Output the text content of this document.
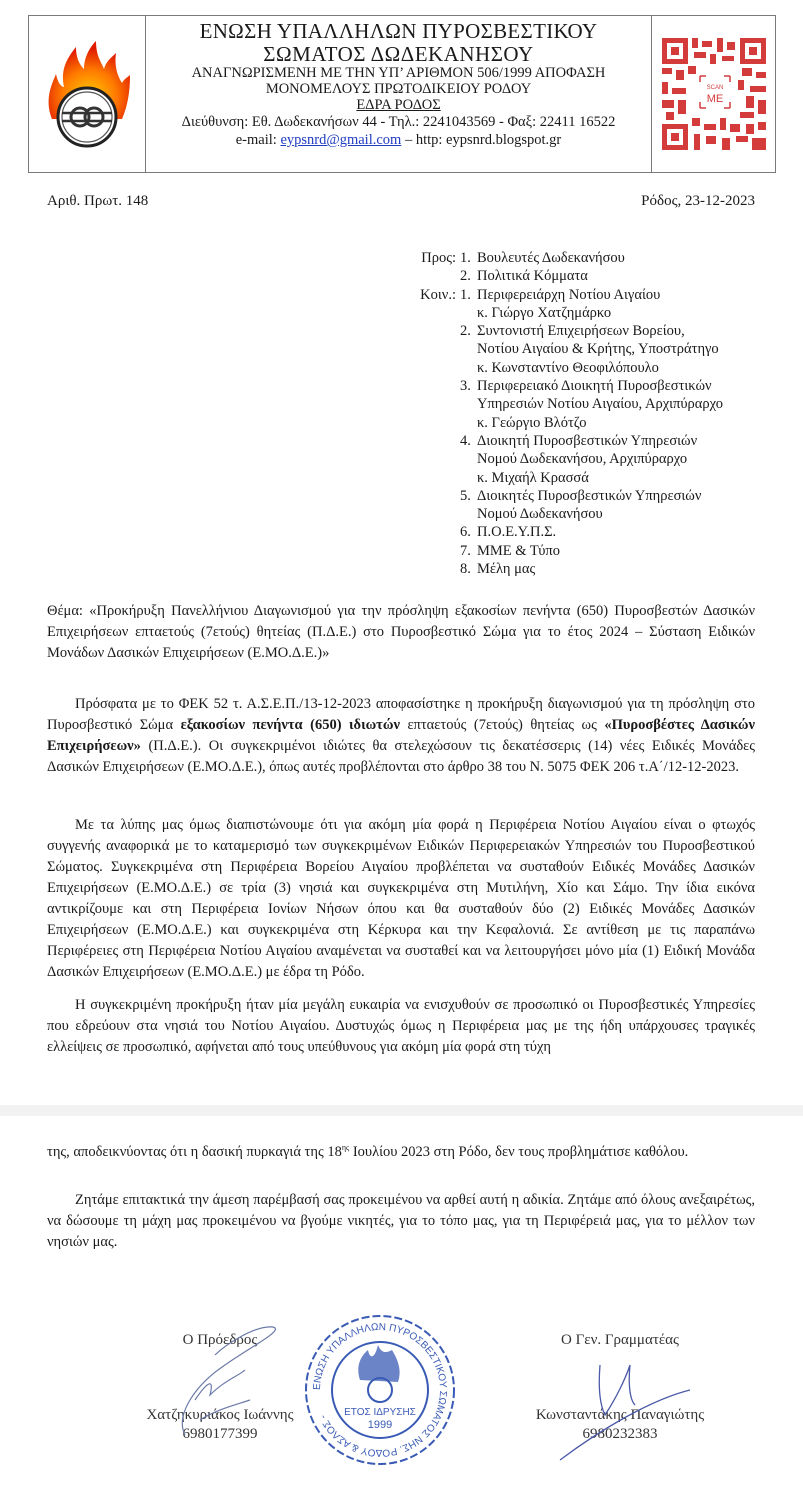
ΕΝΩΣΗ ΥΠΑΛΛΗΛΩΝ ΠΥΡΟΣΒΕΣΤΙΚΟΥ
ΣΩΜΑΤΟΣ ΔΩΔΕΚΑΝΗΣΟΥ
ΑΝΑΓΝΩΡΙΣΜΕΝΗ ΜΕ ΤΗΝ ΥΠ’ ΑΡΙΘΜΟΝ 506/1999 ΑΠΟΦΑΣΗ
ΜΟΝΟΜΕΛΟΥΣ ΠΡΩΤΟΔΙΚΕΙΟΥ ΡΟΔΟΥ
ΕΔΡΑ ΡΟΔΟΣ
Διεύθυνση: Εθ. Δωδεκανήσων 44 - Τηλ.: 2241043569 - Φαξ: 22411 16522
e-mail: eypsnrd@gmail.com – http: eypsnrd.blogspot.gr
SCAN
ME
Αριθ. Πρωτ. 148	Ρόδος, 23-12-2023
Προς: 1. Βουλευτές Δωδεκανήσου
2. Πολιτικά Κόμματα
Κοιν.: 1. Περιφερειάρχη Νοτίου Αιγαίου
κ. Γιώργο Χατζημάρκο
2. Συντονιστή Επιχειρήσεων Βορείου,
Νοτίου Αιγαίου & Κρήτης, Υποστράτηγο
κ. Κωνσταντίνο Θεοφιλόπουλο
3. Περιφερειακό Διοικητή Πυροσβεστικών
Υπηρεσιών Νοτίου Αιγαίου, Αρχιπύραρχο
κ. Γεώργιο Βλότζο
4. Διοικητή Πυροσβεστικών Υπηρεσιών
Νομού Δωδεκανήσου, Αρχιπύραρχο
κ. Μιχαήλ Κρασσά
5. Διοικητές Πυροσβεστικών Υπηρεσιών
Νομού Δωδεκανήσου
6. Π.Ο.Ε.Υ.Π.Σ.
7. ΜΜΕ & Τύπο
8. Μέλη μας
Θέμα: «Προκήρυξη Πανελλήνιου Διαγωνισμού για την πρόσληψη εξακοσίων πενήντα (650) Πυροσβεστών Δασικών Επιχειρήσεων επταετούς (7ετούς) θητείας (Π.Δ.Ε.) στο Πυροσβεστικό Σώμα για το έτος 2024 – Σύσταση Ειδικών Μονάδων Δασικών Επιχειρήσεων (Ε.ΜΟ.Δ.Ε.)»
Πρόσφατα με το ΦΕΚ 52 τ. Α.Σ.Ε.Π./13-12-2023 αποφασίστηκε η προκήρυξη διαγωνισμού για τη πρόσληψη στο Πυροσβεστικό Σώμα εξακοσίων πενήντα (650) ιδιωτών επταετούς (7ετούς) θητείας ως «Πυροσβέστες Δασικών Επιχειρήσεων» (Π.Δ.Ε.). Οι συγκεκριμένοι ιδιώτες θα στελεχώσουν τις δεκατέσσερις (14) νέες Ειδικές Μονάδες Δασικών Επιχειρήσεων (Ε.ΜΟ.Δ.Ε.), όπως αυτές προβλέπονται στο άρθρο 38 του Ν. 5075 ΦΕΚ 206 τ.Α΄/12-12-2023.
Με τα λύπης μας όμως διαπιστώνουμε ότι για ακόμη μία φορά η Περιφέρεια Νοτίου Αιγαίου είναι ο φτωχός συγγενής αναφορικά με το καταμερισμό των συγκεκριμένων Ειδικών Περιφερειακών Υπηρεσιών του Πυροσβεστικού Σώματος. Συγκεκριμένα στη Περιφέρεια Βορείου Αιγαίου προβλέπεται να συσταθούν Ειδικές Μονάδες Δασικών Επιχειρήσεων (Ε.ΜΟ.Δ.Ε.) σε τρία (3) νησιά και συγκεκριμένα στη Μυτιλήνη, Χίο και Σάμο. Την ίδια εικόνα αντικρίζουμε και στη Περιφέρεια Ιονίων Νήσων όπου και θα συσταθούν δύο (2) Ειδικές Μονάδες Δασικών Επιχειρήσεων (Ε.ΜΟ.Δ.Ε.) και συγκεκριμένα στη Κέρκυρα και την Κεφαλονιά. Σε αντίθεση με τις παραπάνω Περιφέρειες στη Περιφέρεια Νοτίου Αιγαίου αναμένεται να συσταθεί και να λειτουργήσει μόνο μία (1) Ειδική Μονάδα Δασικών Επιχειρήσεων (Ε.ΜΟ.Δ.Ε.) με έδρα τη Ρόδο.
Η συγκεκριμένη προκήρυξη ήταν μία μεγάλη ευκαιρία να ενισχυθούν σε προσωπικό οι Πυροσβεστικές Υπηρεσίες που εδρεύουν στα νησιά του Νοτίου Αιγαίου. Δυστυχώς όμως η Περιφέρεια μας με της ήδη υπάρχουσες τραγικές ελλείψεις σε προσωπικό, αφήνεται από τους υπεύθυνους για ακόμη μία φορά στη τύχη
της, αποδεικνύοντας ότι η δασική πυρκαγιά της $18^{\eta\varsigma}$ Ιουλίου 2023 στη Ρόδο, δεν τους προβλημάτισε καθόλου.
Ζητάμε επιτακτικά την άμεση παρέμβασή σας προκειμένου να αρθεί αυτή η αδικία. Ζητάμε από όλους ανεξαιρέτως, να δώσουμε τη μάχη μας προκειμένου να βγούμε νικητές, για το τόπο μας, για τη Περιφέρειά μας, για το μέλλον των νησιών μας.
Ο Πρόεδρος
Χατζηκυριάκος Ιωάννης
6980177399
ΕΝΩΣΗ ΥΠΑΛΛΗΛΩΝ ΠΥΡΟΣΒΕΣΤΙΚΟΥ ΣΩΜΑΤΟΣ ΝΗΣ. ΡΟΔΟΥ & ΑΣΛΟΣ -	ΕΤΟΣ ΙΔΡΥΣΗΣ
1999
Ο Γεν. Γραμματέας
Κωνσταντάκης Παναγιώτης
6980232383
